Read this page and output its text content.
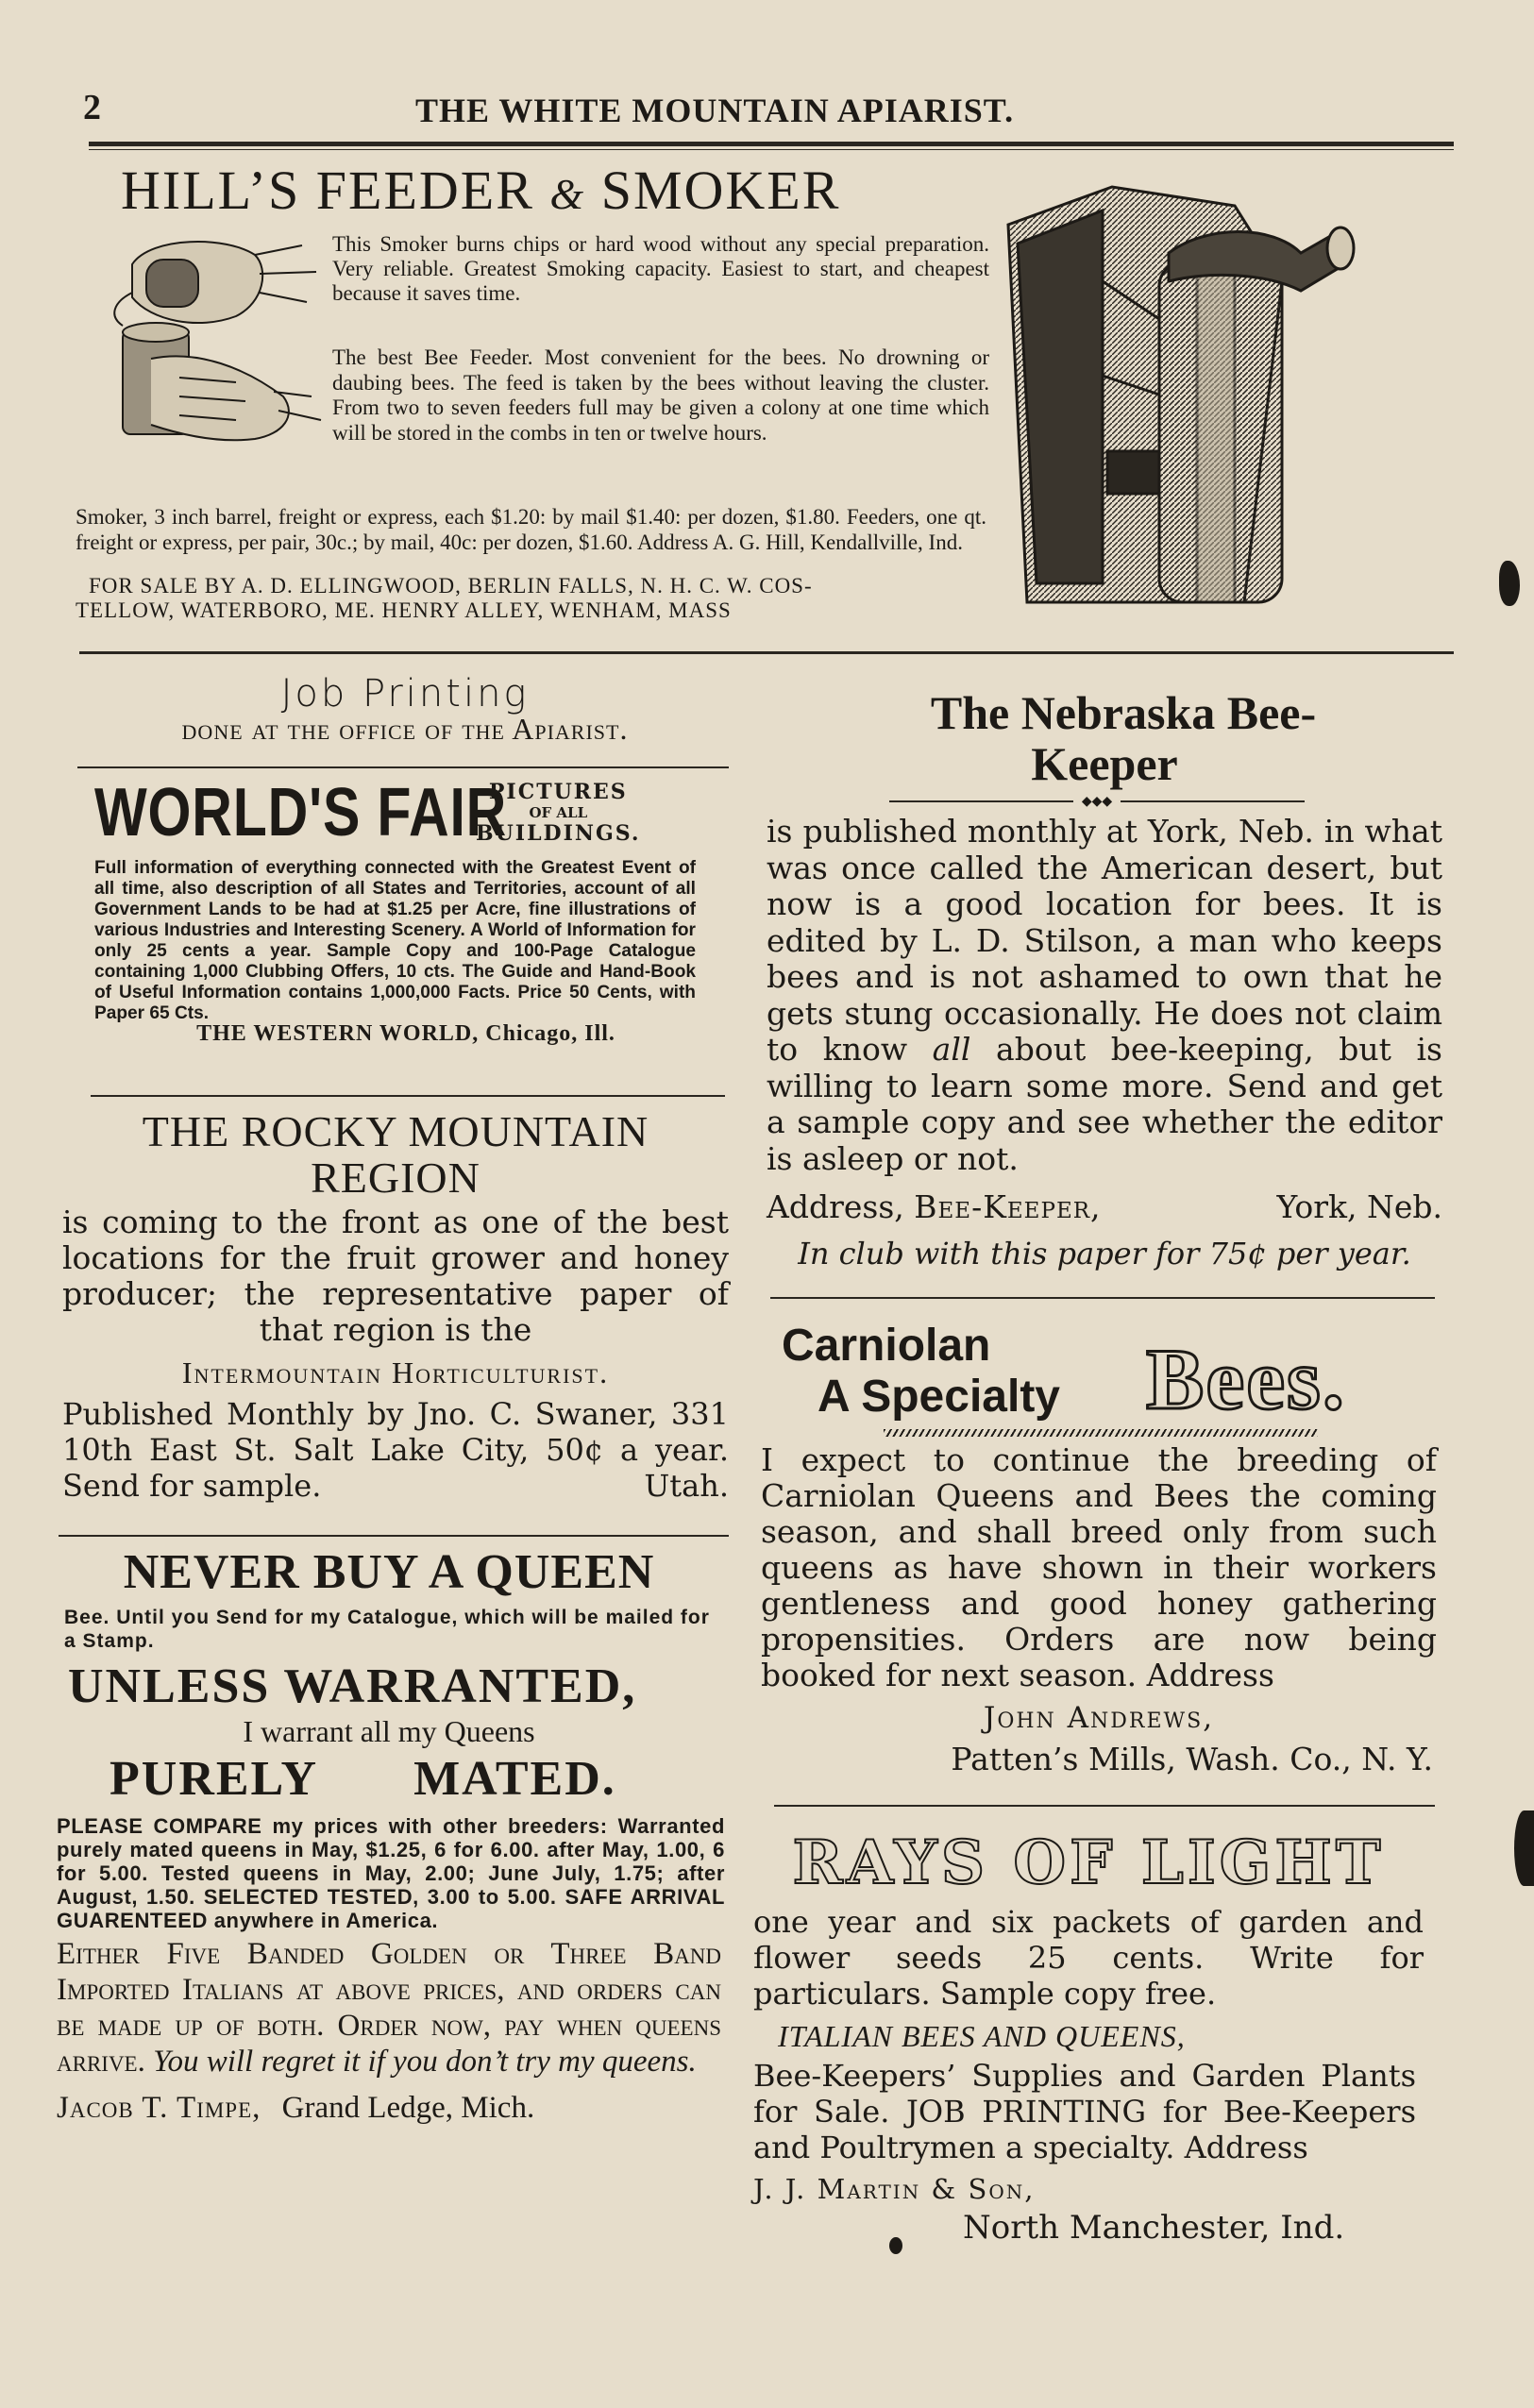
2	THE WHITE MOUNTAIN APIARIST.
HILL’S FEEDER & SMOKER
This Smoker burns chips or hard wood without any special preparation. Very reliable. Greatest Smoking capacity. Easiest to start, and cheapest because it saves time.
The best Bee Feeder. Most convenient for the bees. No drowning or daubing bees. The feed is taken by the bees without leaving the cluster. From two to seven feeders full may be given a colony at one time which will be stored in the combs in ten or twelve hours.
Smoker, 3 inch barrel, freight or express, each $1.20: by mail $1.40: per dozen, $1.80. Feeders, one qt. freight or express, per pair, 30c.; by mail, 40c: per dozen, $1.60. Address A. G. Hill, Kendallville, Ind.
FOR SALE BY A. D. ELLINGWOOD, BERLIN FALLS, N. H. C. W. COS-
TELLOW, WATERBORO, ME. HENRY ALLEY, WENHAM, MASS
Job Printing
done at the office of the Apiarist.
WORLD'S FAIR
PICTURES
OF ALL
BUILDINGS.
Full information of everything connected with the Greatest Event of all time, also description of all States and Territories, account of all Government Lands to be had at $1.25 per Acre, fine illustrations of various Industries and Interesting Scenery. A World of Information for only 25 cents a year. Sample Copy and 100-Page Catalogue containing 1,000 Clubbing Offers, 10 cts. The Guide and Hand-Book of Useful Information contains 1,000,000 Facts. Price 50 Cents, with Paper 65 Cts.
THE WESTERN WORLD, Chicago, Ill.
THE ROCKY MOUNTAIN
REGION
is coming to the front as one of the best locations for the fruit grower and honey producer; the representative paper of that region is the
Intermountain Horticulturist.
Published Monthly by Jno. C. Swaner, 331 10th East St. Salt Lake City, 50¢ a year. Send for sample.	Utah.
NEVER BUY A QUEEN
Bee. Until you Send for my Catalogue, which will be mailed for a Stamp.
UNLESS WARRANTED,
I warrant all my Queens
PURELY MATED.
PLEASE COMPARE my prices with other breeders: Warranted purely mated queens in May, $1.25, 6 for 6.00. after May, 1.00, 6 for 5.00. Tested queens in May, 2.00; June July, 1.75; after August, 1.50. SELECTED TESTED, 3.00 to 5.00. SAFE ARRIVAL GUARENTEED anywhere in America.
Either Five Banded Golden or Three Band Imported Italians at above prices, and orders can be made up of both. Order now, pay when queens arrive. You will regret it if you don’t try my queens.
Jacob T. Timpe, Grand Ledge, Mich.
The Nebraska Bee-
Keeper
◆◆◆
is published monthly at York, Neb. in what was once called the American desert, but now is a good location for bees. It is edited by L. D. Stilson, a man who keeps bees and is not ashamed to own that he gets stung occasionally. He does not claim to know all about bee-keeping, but is willing to learn some more. Send and get a sample copy and see whether the editor is asleep or not.
Address, Bee-Keeper,	York, Neb.
In club with this paper for 75¢ per year.
Carniolan
A Specialty Bees.
I expect to continue the breeding of Carniolan Queens and Bees the coming season, and shall breed only from such queens as have shown in their workers gentleness and good honey gathering propensities. Orders are now being booked for next season. Address
John Andrews,
Patten’s Mills, Wash. Co., N. Y.
RAYS OF LIGHT
one year and six packets of garden and flower seeds 25 cents. Write for particulars. Sample copy free.
ITALIAN BEES AND QUEENS,
Bee-Keepers’ Supplies and Garden Plants for Sale. JOB PRINTING for Bee-Keepers and Poultrymen a specialty. Address
J. J. Martin & Son,
North Manchester, Ind.
